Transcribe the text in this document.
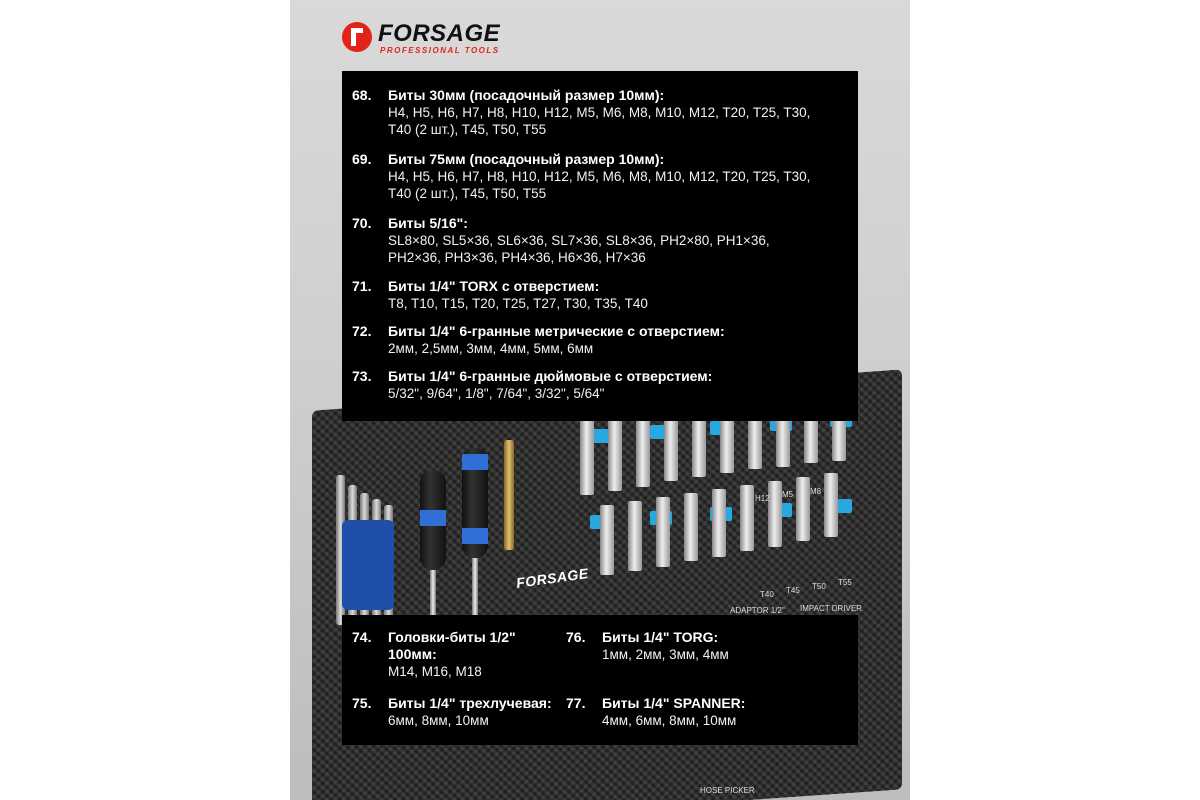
FORSAGE
PROFESSIONAL TOOLS
FORSAGE
H12 M5 M8
T40 T45 T50 T55
ADAPTOR 1/2" IMPACT DRIVER
HOSE PICKER
68. Биты 30мм (посадочный размер 10мм):
H4, H5, H6, H7, H8, H10, H12, M5, M6, M8, M10, M12, T20, T25, T30,
T40 (2 шт.), T45, T50, T55
69. Биты 75мм (посадочный размер 10мм):
H4, H5, H6, H7, H8, H10, H12, M5, M6, M8, M10, M12, T20, T25, T30,
T40 (2 шт.), T45, T50, T55
70. Биты 5/16":
SL8×80, SL5×36, SL6×36, SL7×36, SL8×36, PH2×80, PH1×36,
PH2×36, PH3×36, PH4×36, H6×36, H7×36
71. Биты 1/4" TORX с отверстием:
T8, T10, T15, T20, T25, T27, T30, T35, T40
72. Биты 1/4" 6-гранные метрические с отверстием:
2мм, 2,5мм, 3мм, 4мм, 5мм, 6мм
73. Биты 1/4" 6-гранные дюймовые с отверстием:
5/32", 9/64", 1/8", 7/64", 3/32", 5/64"
74. Головки-биты 1/2"
100мм:
M14, M16, M18
75. Биты 1/4" трехлучевая:
6мм, 8мм, 10мм
76. Биты 1/4" TORG:
1мм, 2мм, 3мм, 4мм
77. Биты 1/4" SPANNER:
4мм, 6мм, 8мм, 10мм
